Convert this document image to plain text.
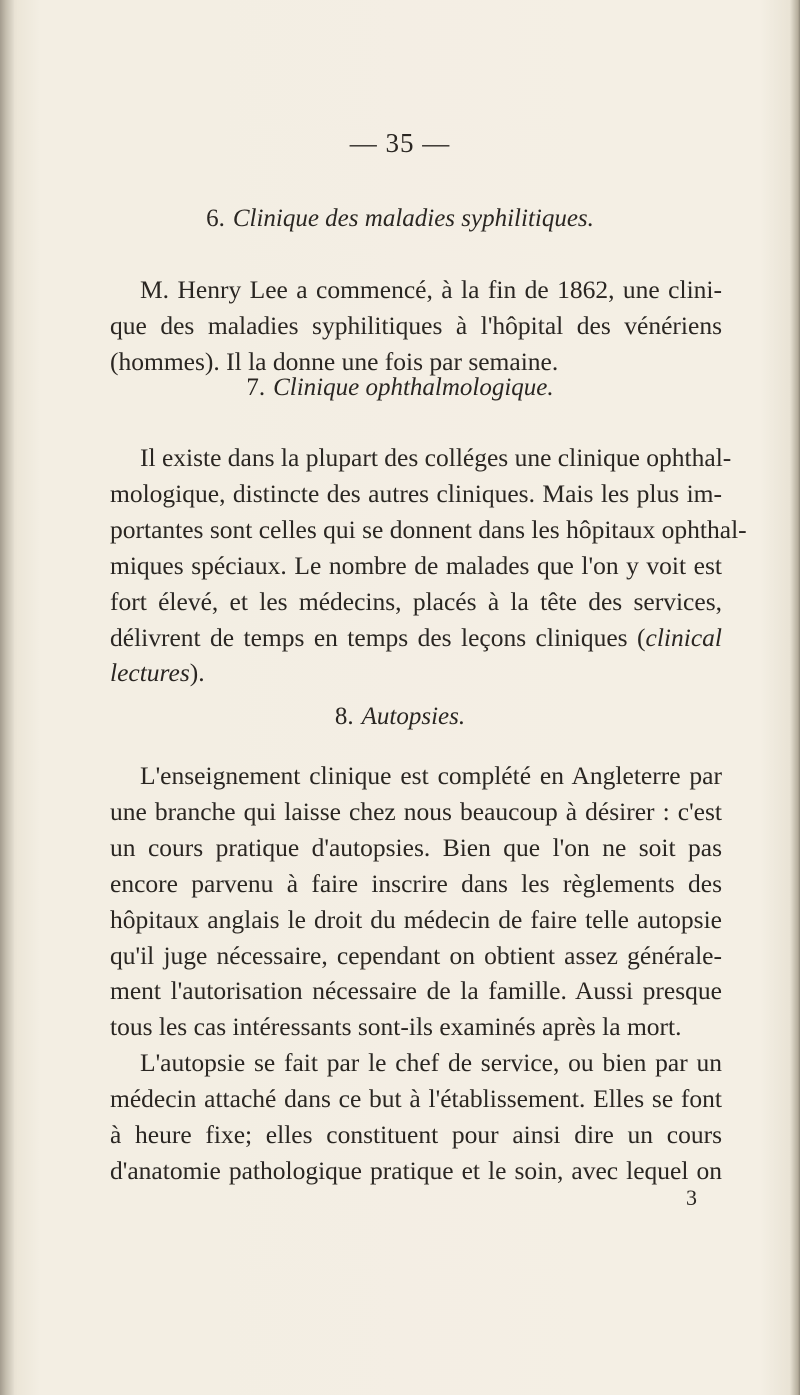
— 35 —
6. Clinique des maladies syphilitiques.
M. Henry Lee a commencé, à la fin de 1862, une clini-
que des maladies syphilitiques à l'hôpital des vénériens
(hommes). Il la donne une fois par semaine.
7. Clinique ophthalmologique.
Il existe dans la plupart des colléges une clinique ophthal-
mologique, distincte des autres cliniques. Mais les plus im-
portantes sont celles qui se donnent dans les hôpitaux ophthal-
miques spéciaux. Le nombre de malades que l'on y voit est
fort élevé, et les médecins, placés à la tête des services,
délivrent de temps en temps des leçons cliniques (clinical
lectures).
8. Autopsies.
L'enseignement clinique est complété en Angleterre par
une branche qui laisse chez nous beaucoup à désirer : c'est
un cours pratique d'autopsies. Bien que l'on ne soit pas
encore parvenu à faire inscrire dans les règlements des
hôpitaux anglais le droit du médecin de faire telle autopsie
qu'il juge nécessaire, cependant on obtient assez générale-
ment l'autorisation nécessaire de la famille. Aussi presque
tous les cas intéressants sont-ils examinés après la mort.
L'autopsie se fait par le chef de service, ou bien par un
médecin attaché dans ce but à l'établissement. Elles se font
à heure fixe; elles constituent pour ainsi dire un cours
d'anatomie pathologique pratique et le soin, avec lequel on
3
